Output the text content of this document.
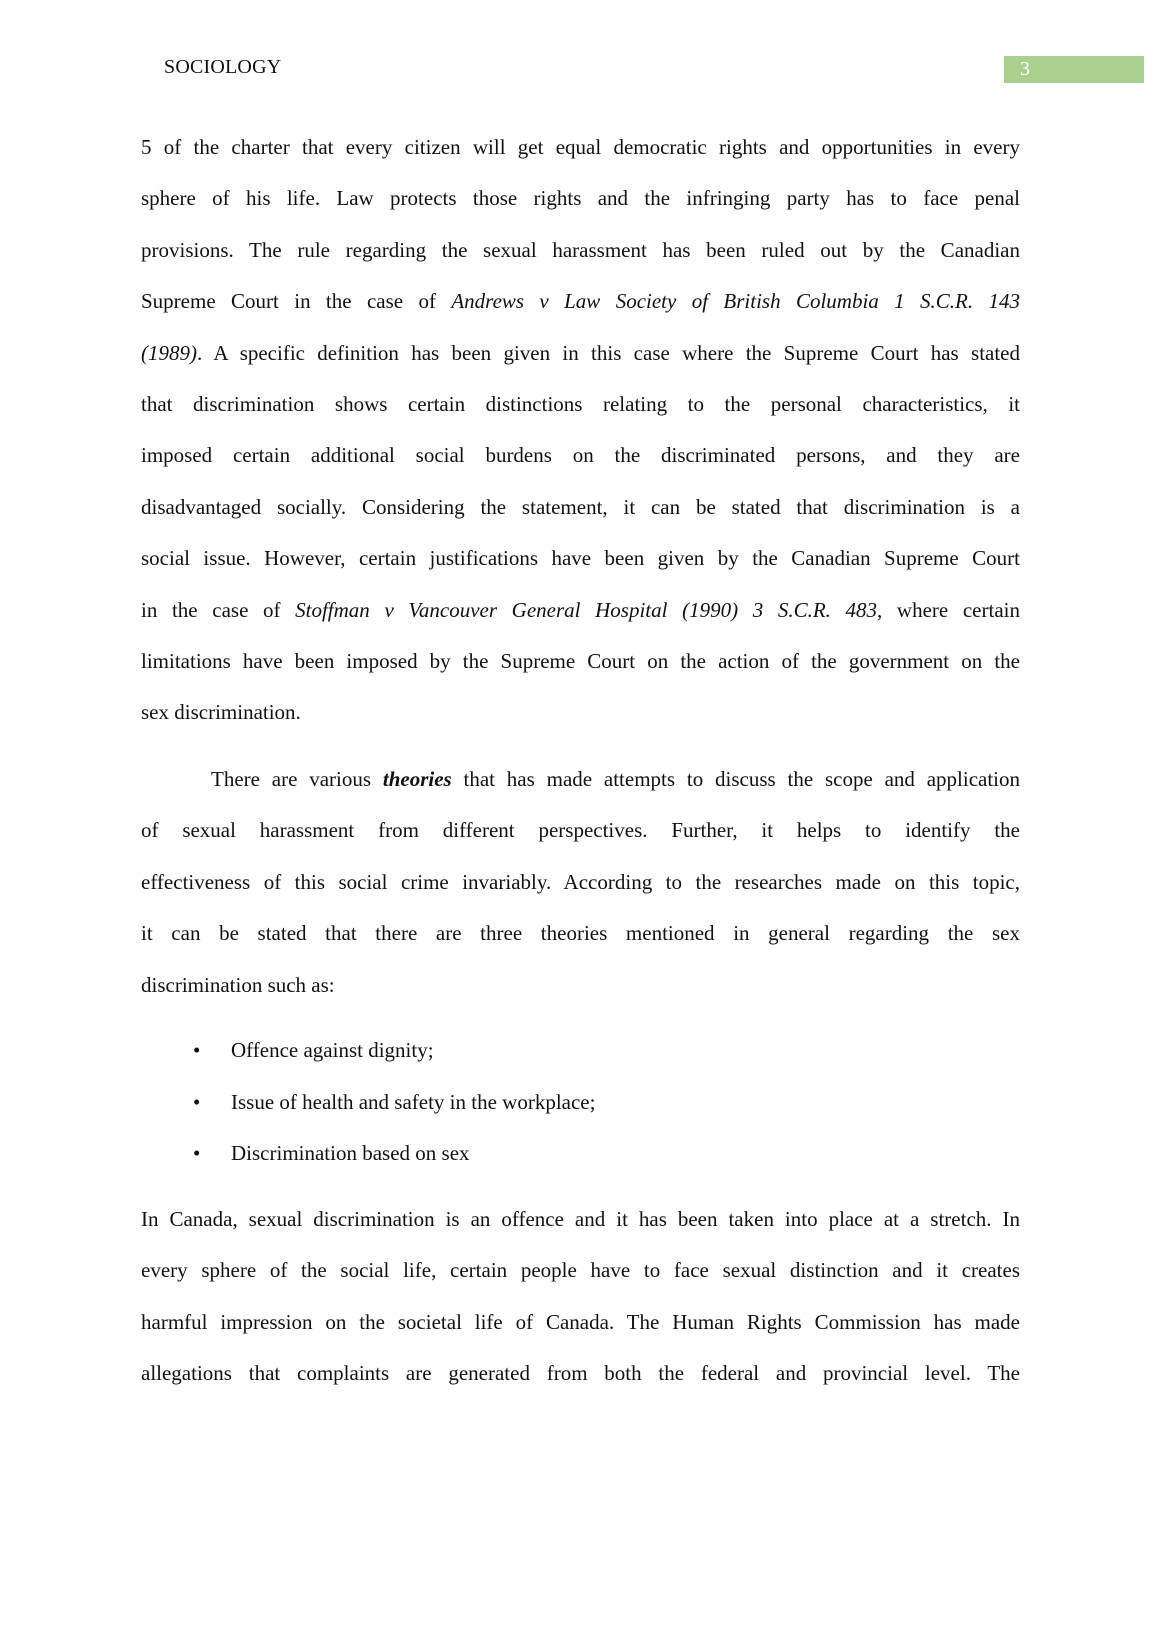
SOCIOLOGY	3
5 of the charter that every citizen will get equal democratic rights and opportunities in every
sphere of his life. Law protects those rights and the infringing party has to face penal
provisions. The rule regarding the sexual harassment has been ruled out by the Canadian
Supreme Court in the case of Andrews v Law Society of British Columbia 1 S.C.R. 143
(1989). A specific definition has been given in this case where the Supreme Court has stated
that discrimination shows certain distinctions relating to the personal characteristics, it
imposed certain additional social burdens on the discriminated persons, and they are
disadvantaged socially. Considering the statement, it can be stated that discrimination is a
social issue. However, certain justifications have been given by the Canadian Supreme Court
in the case of Stoffman v Vancouver General Hospital (1990) 3 S.C.R. 483, where certain
limitations have been imposed by the Supreme Court on the action of the government on the
sex discrimination.
There are various theories that has made attempts to discuss the scope and application
of sexual harassment from different perspectives. Further, it helps to identify the
effectiveness of this social crime invariably. According to the researches made on this topic,
it can be stated that there are three theories mentioned in general regarding the sex
discrimination such as:
In Canada, sexual discrimination is an offence and it has been taken into place at a stretch. In
every sphere of the social life, certain people have to face sexual distinction and it creates
harmful impression on the societal life of Canada. The Human Rights Commission has made
allegations that complaints are generated from both the federal and provincial level. The
• Offence against dignity;
• Issue of health and safety in the workplace;
• Discrimination based on sex
